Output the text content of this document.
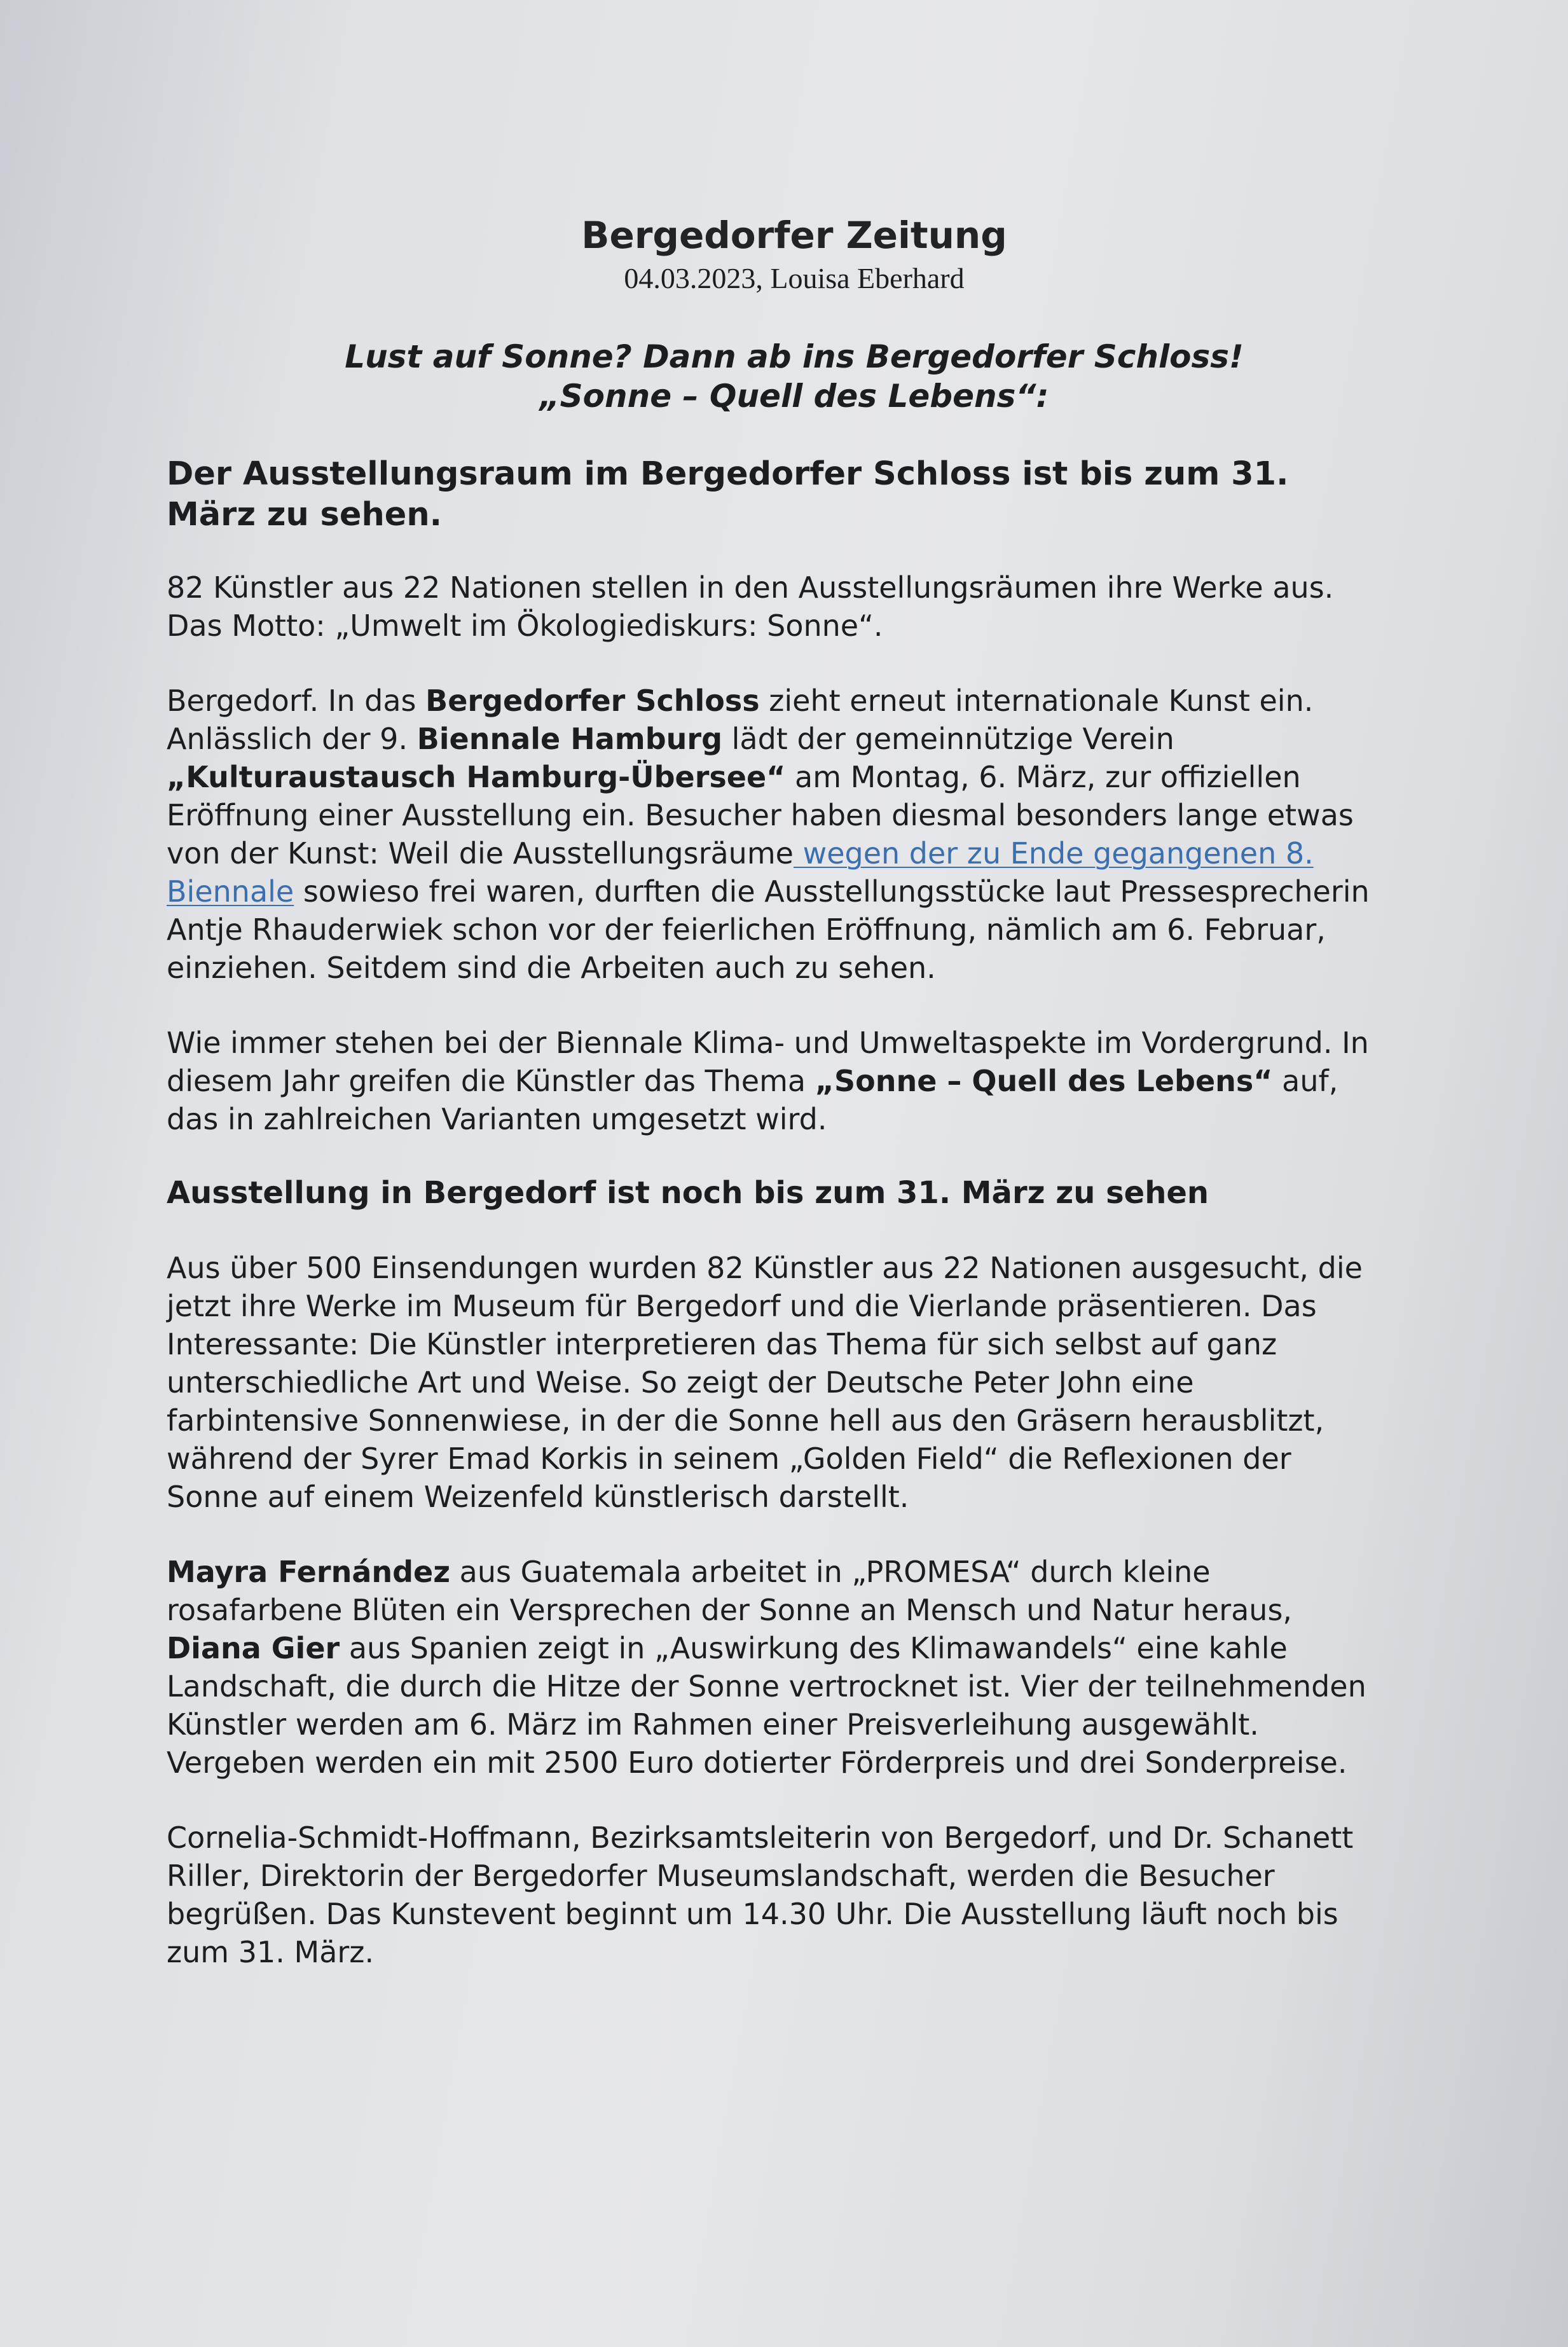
Bergedorfer Zeitung
04.03.2023, Louisa Eberhard
Lust auf Sonne? Dann ab ins Bergedorfer Schloss!
„Sonne – Quell des Lebens“:
Der Ausstellungsraum im Bergedorfer Schloss ist bis zum 31. März zu sehen.

82 Künstler aus 22 Nationen stellen in den Ausstellungsräumen ihre Werke aus. Das Motto: „Umwelt im Ökologiediskurs: Sonne“.

Bergedorf. In das Bergedorfer Schloss zieht erneut internationale Kunst ein. Anlässlich der 9. Biennale Hamburg lädt der gemeinnützige Verein „Kulturaustausch Hamburg-Übersee“ am Montag, 6. März, zur offiziellen Eröffnung einer Ausstellung ein. Besucher haben diesmal besonders lange etwas von der Kunst: Weil die Ausstellungsräume wegen der zu Ende gegangenen 8. Biennale sowieso frei waren, durften die Ausstellungsstücke laut Pressesprecherin Antje Rhauderwiek schon vor der feierlichen Eröffnung, nämlich am 6. Februar, einziehen. Seitdem sind die Arbeiten auch zu sehen.

Wie immer stehen bei der Biennale Klima- und Umweltaspekte im Vordergrund. In diesem Jahr greifen die Künstler das Thema „Sonne – Quell des Lebens“ auf, das in zahlreichen Varianten umgesetzt wird.

Ausstellung in Bergedorf ist noch bis zum 31. März zu sehen

Aus über 500 Einsendungen wurden 82 Künstler aus 22 Nationen ausgesucht, die jetzt ihre Werke im Museum für Bergedorf und die Vierlande präsentieren. Das Interessante: Die Künstler interpretieren das Thema für sich selbst auf ganz unterschiedliche Art und Weise. So zeigt der Deutsche Peter John eine farbintensive Sonnenwiese, in der die Sonne hell aus den Gräsern herausblitzt, während der Syrer Emad Korkis in seinem „Golden Field“ die Reflexionen der Sonne auf einem Weizenfeld künstlerisch darstellt.

Mayra Fernández aus Guatemala arbeitet in „PROMESA“ durch kleine rosafarbene Blüten ein Versprechen der Sonne an Mensch und Natur heraus, Diana Gier aus Spanien zeigt in „Auswirkung des Klimawandels“ eine kahle Landschaft, die durch die Hitze der Sonne vertrocknet ist. Vier der teilnehmenden Künstler werden am 6. März im Rahmen einer Preisverleihung ausgewählt. Vergeben werden ein mit 2500 Euro dotierter Förderpreis und drei Sonderpreise.

Cornelia-Schmidt-Hoffmann, Bezirksamtsleiterin von Bergedorf, und Dr. Schanett Riller, Direktorin der Bergedorfer Museumslandschaft, werden die Besucher begrüßen. Das Kunstevent beginnt um 14.30 Uhr. Die Ausstellung läuft noch bis zum 31. März.
